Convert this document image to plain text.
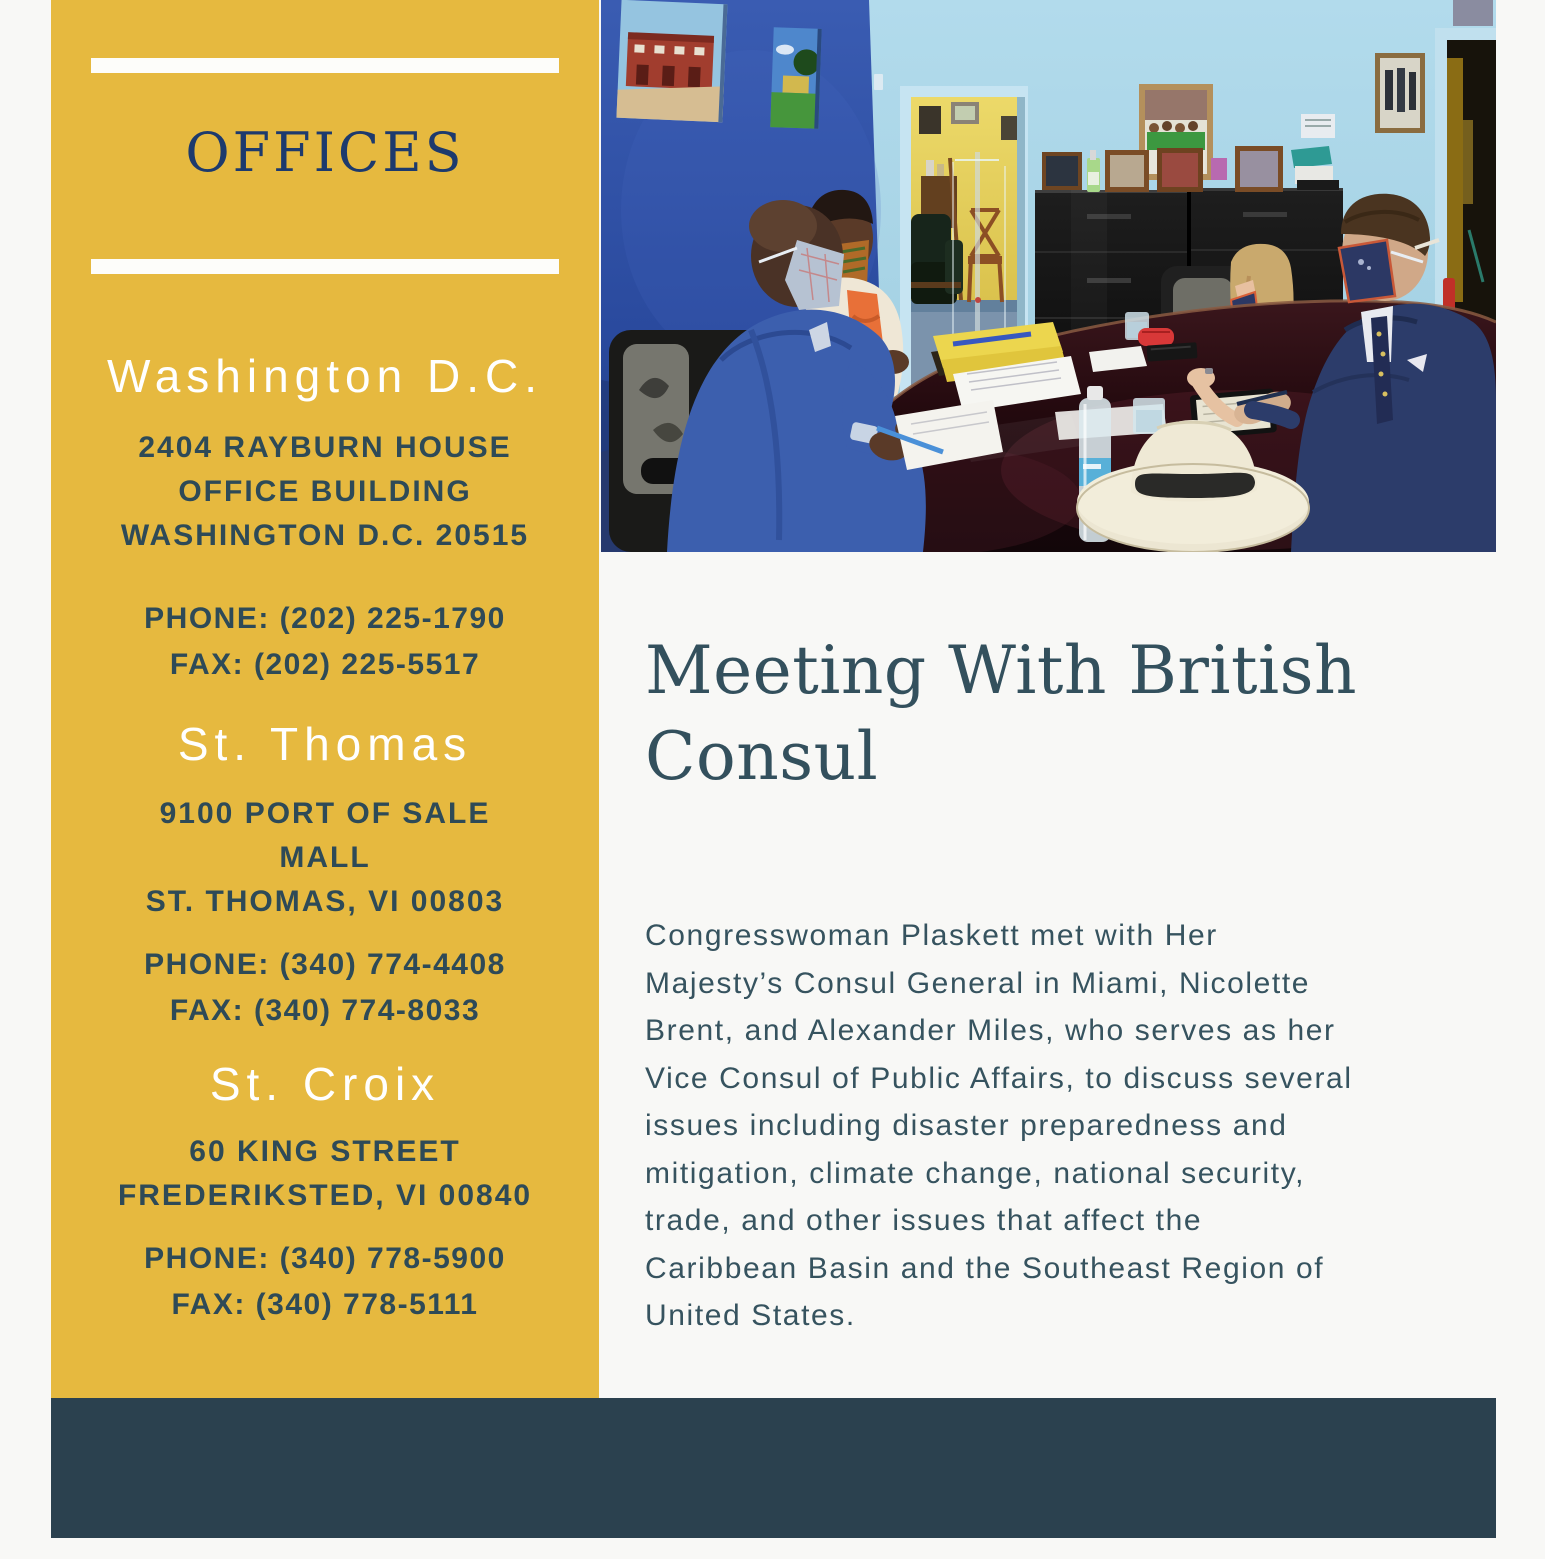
OFFICES
Washington D.C.
2404 RAYBURN HOUSE
OFFICE BUILDING
WASHINGTON D.C. 20515
PHONE: (202) 225-1790
FAX: (202) 225-5517
St. Thomas
9100 PORT OF SALE
MALL
ST. THOMAS, VI 00803
PHONE: (340) 774-4408
FAX: (340) 774-8033
St. Croix
60 KING STREET
FREDERIKSTED, VI 00840
PHONE: (340) 778-5900
FAX: (340) 778-5111
Meeting With British
Consul

Congresswoman Plaskett met with Her
Majesty’s Consul General in Miami, Nicolette
Brent, and Alexander Miles, who serves as her
Vice Consul of Public Affairs, to discuss several
issues including disaster preparedness and
mitigation, climate change, national security,
trade, and other issues that affect the
Caribbean Basin and the Southeast Region of
United States.
